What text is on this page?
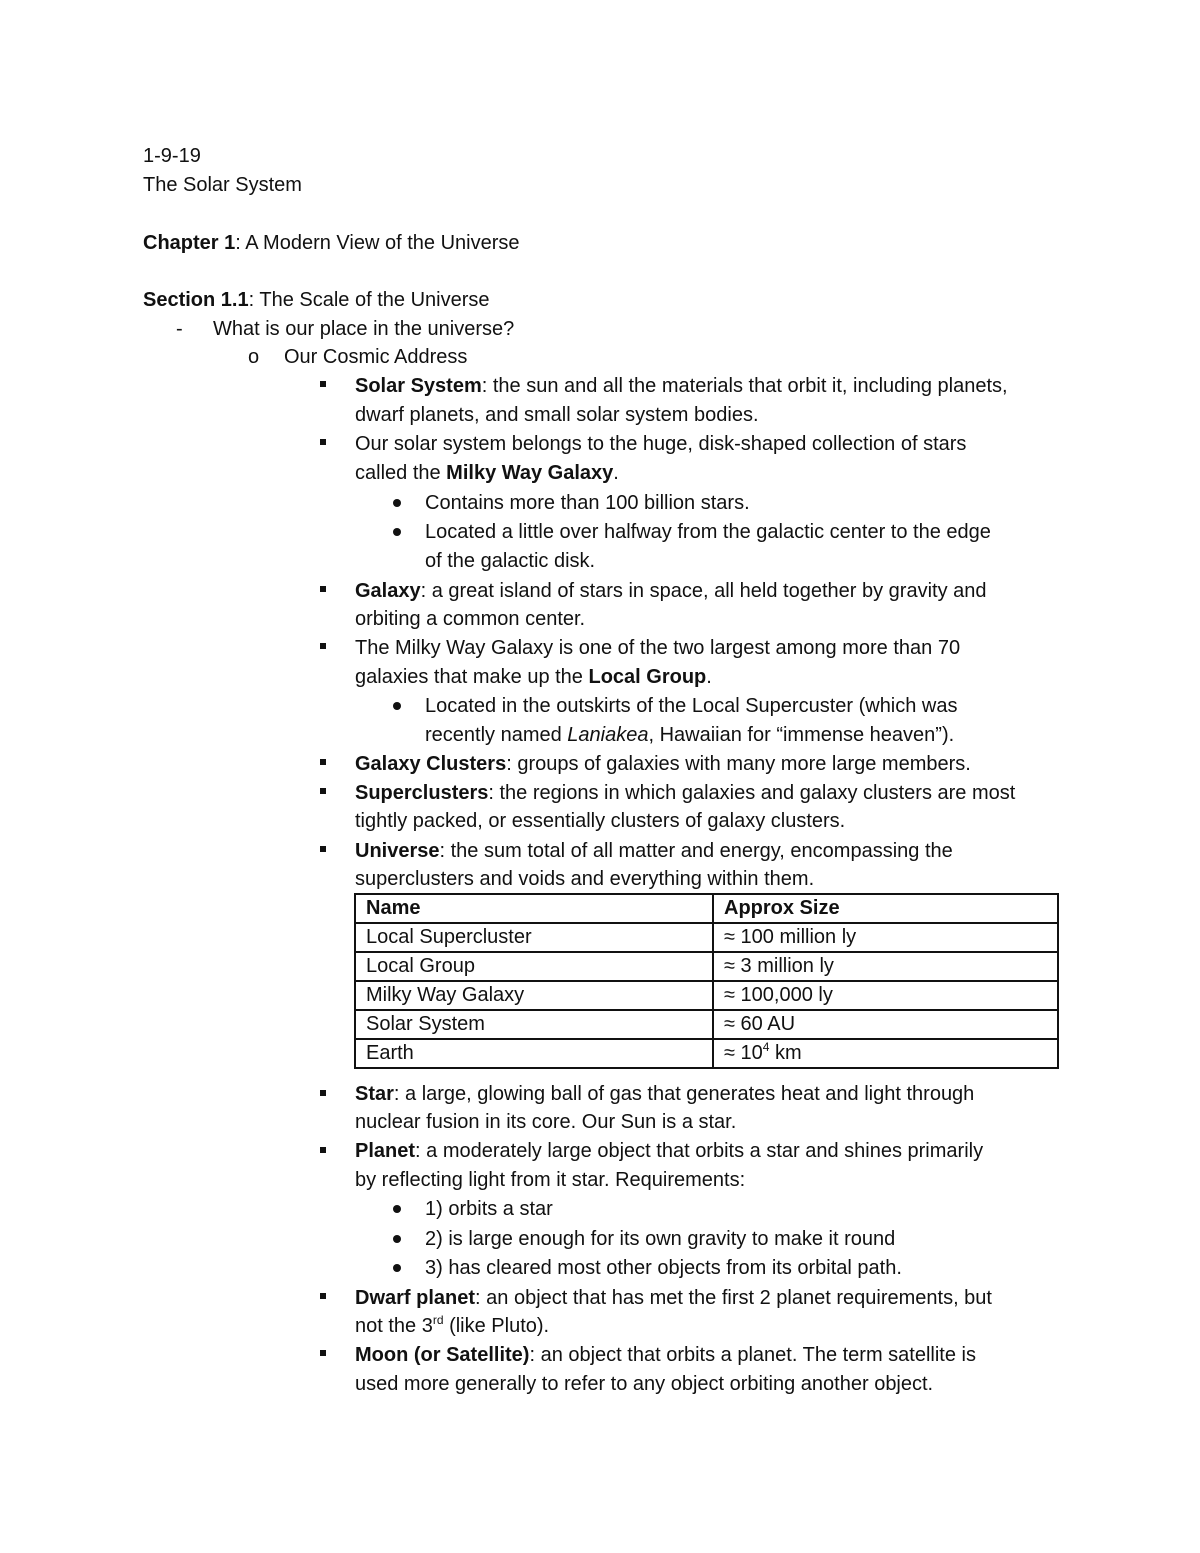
1-9-19
The Solar System
Chapter 1: A Modern View of the Universe
Section 1.1: The Scale of the Universe
- What is our place in the universe?
o Our Cosmic Address
Solar System: the sun and all the materials that orbit it, including planets,
dwarf planets, and small solar system bodies.
Our solar system belongs to the huge, disk-shaped collection of stars
called the Milky Way Galaxy.
Contains more than 100 billion stars.
Located a little over halfway from the galactic center to the edge
of the galactic disk.
Galaxy: a great island of stars in space, all held together by gravity and
orbiting a common center.
The Milky Way Galaxy is one of the two largest among more than 70
galaxies that make up the Local Group.
Located in the outskirts of the Local Supercuster (which was
recently named Laniakea, Hawaiian for “immense heaven”).
Galaxy Clusters: groups of galaxies with many more large members.
Superclusters: the regions in which galaxies and galaxy clusters are most
tightly packed, or essentially clusters of galaxy clusters.
Universe: the sum total of all matter and energy, encompassing the
superclusters and voids and everything within them.
Name	Approx Size
Local Supercluster	≈ 100 million ly
Local Group	≈ 3 million ly
Milky Way Galaxy	≈ 100,000 ly
Solar System	≈ 60 AU
Earth	≈ $10^4$ km
Star: a large, glowing ball of gas that generates heat and light through
nuclear fusion in its core. Our Sun is a star.
Planet: a moderately large object that orbits a star and shines primarily
by reflecting light from it star. Requirements:
1) orbits a star
2) is large enough for its own gravity to make it round
3) has cleared most other objects from its orbital path.
Dwarf planet: an object that has met the first 2 planet requirements, but
not the 3rd (like Pluto).
Moon (or Satellite): an object that orbits a planet. The term satellite is
used more generally to refer to any object orbiting another object.
